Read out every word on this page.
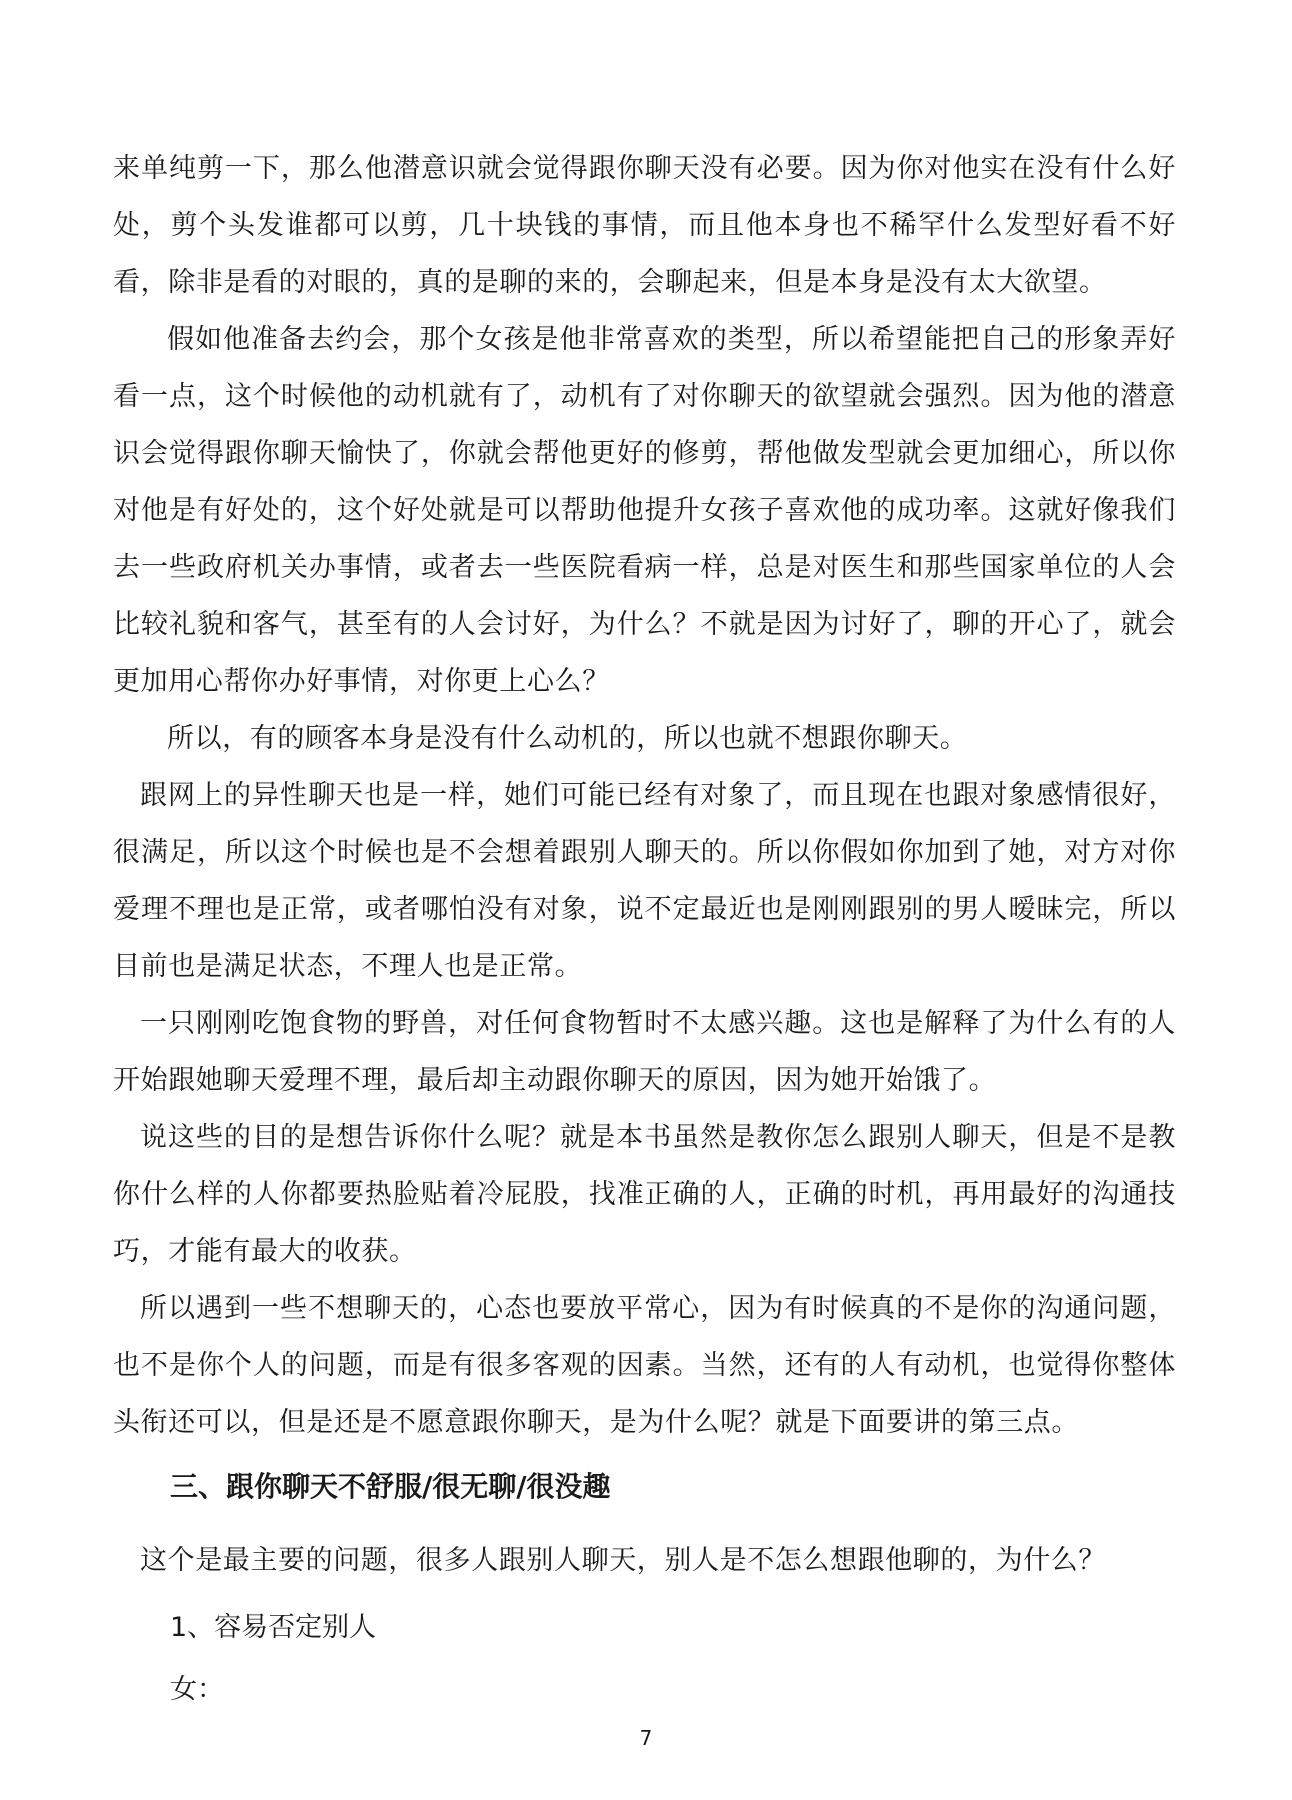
来单纯剪一下，那么他潜意识就会觉得跟你聊天没有必要。因为你对他实在没有什么好处，剪个头发谁都可以剪，几十块钱的事情，而且他本身也不稀罕什么发型好看不好看，除非是看的对眼的，真的是聊的来的，会聊起来，但是本身是没有太大欲望。

假如他准备去约会，那个女孩是他非常喜欢的类型，所以希望能把自己的形象弄好看一点，这个时候他的动机就有了，动机有了对你聊天的欲望就会强烈。因为他的潜意识会觉得跟你聊天愉快了，你就会帮他更好的修剪，帮他做发型就会更加细心，所以你对他是有好处的，这个好处就是可以帮助他提升女孩子喜欢他的成功率。这就好像我们去一些政府机关办事情，或者去一些医院看病一样，总是对医生和那些国家单位的人会比较礼貌和客气，甚至有的人会讨好，为什么？不就是因为讨好了，聊的开心了，就会更加用心帮你办好事情，对你更上心么？

所以，有的顾客本身是没有什么动机的，所以也就不想跟你聊天。

跟网上的异性聊天也是一样，她们可能已经有对象了，而且现在也跟对象感情很好，很满足，所以这个时候也是不会想着跟别人聊天的。所以你假如你加到了她，对方对你爱理不理也是正常，或者哪怕没有对象，说不定最近也是刚刚跟别的男人暧昧完，所以目前也是满足状态，不理人也是正常。

一只刚刚吃饱食物的野兽，对任何食物暂时不太感兴趣。这也是解释了为什么有的人开始跟她聊天爱理不理，最后却主动跟你聊天的原因，因为她开始饿了。

说这些的目的是想告诉你什么呢？就是本书虽然是教你怎么跟别人聊天，但是不是教你什么样的人你都要热脸贴着冷屁股，找准正确的人，正确的时机，再用最好的沟通技巧，才能有最大的收获。

所以遇到一些不想聊天的，心态也要放平常心，因为有时候真的不是你的沟通问题，也不是你个人的问题，而是有很多客观的因素。当然，还有的人有动机，也觉得你整体头衔还可以，但是还是不愿意跟你聊天，是为什么呢？就是下面要讲的第三点。

三、跟你聊天不舒服/很无聊/很没趣

这个是最主要的问题，很多人跟别人聊天，别人是不怎么想跟他聊的，为什么？

1、容易否定别人

女：

7
